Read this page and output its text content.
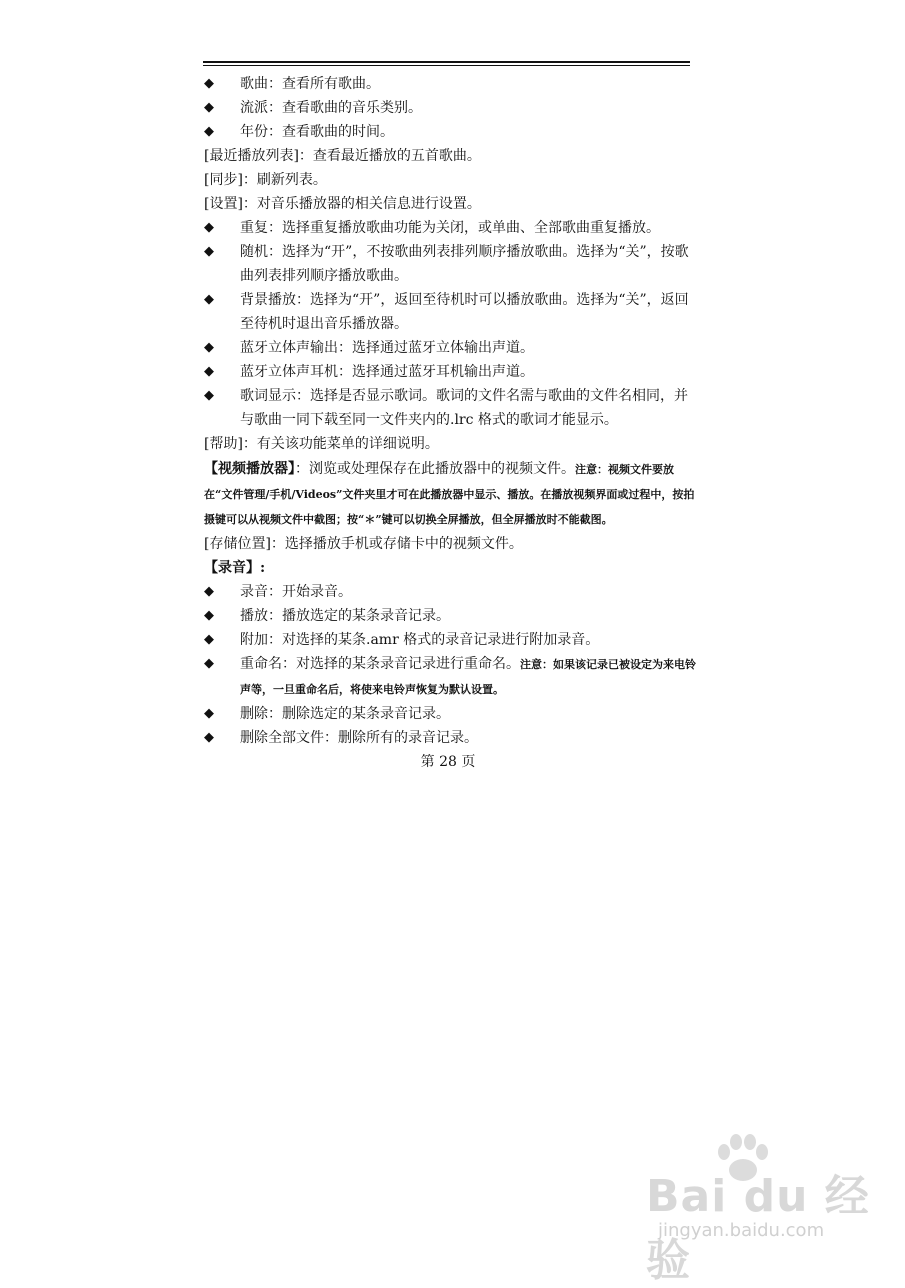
◆	歌曲：查看所有歌曲。
◆	流派：查看歌曲的音乐类别。
◆	年份：查看歌曲的时间。
[最近播放列表]：查看最近播放的五首歌曲。
[同步]：刷新列表。
[设置]：对音乐播放器的相关信息进行设置。
◆	重复：选择重复播放歌曲功能为关闭，或单曲、全部歌曲重复播放。
◆	随机：选择为“开”，不按歌曲列表排列顺序播放歌曲。选择为“关”，按歌曲列表排列顺序播放歌曲。
◆	背景播放：选择为“开”，返回至待机时可以播放歌曲。选择为“关”，返回至待机时退出音乐播放器。
◆	蓝牙立体声输出：选择通过蓝牙立体输出声道。
◆	蓝牙立体声耳机：选择通过蓝牙耳机输出声道。
◆	歌词显示：选择是否显示歌词。歌词的文件名需与歌曲的文件名相同，并与歌曲一同下载至同一文件夹内的.lrc 格式的歌词才能显示。
[帮助]：有关该功能菜单的详细说明。
【视频播放器】：浏览或处理保存在此播放器中的视频文件。注意：视频文件要放在“文件管理/手机/Videos”文件夹里才可在此播放器中显示、播放。在播放视频界面或过程中，按拍摄键可以从视频文件中截图；按“＊”键可以切换全屏播放，但全屏播放时不能截图。
[存储位置]：选择播放手机或存储卡中的视频文件。
【录音】:
◆	录音：开始录音。
◆	播放：播放选定的某条录音记录。
◆	附加：对选择的某条.amr 格式的录音记录进行附加录音。
◆	重命名：对选择的某条录音记录进行重命名。注意：如果该记录已被设定为来电铃声等，一旦重命名后，将使来电铃声恢复为默认设置。
◆	删除：删除选定的某条录音记录。
◆	删除全部文件：删除所有的录音记录。
第 28 页
Bai du 经验
jingyan.baidu.com
